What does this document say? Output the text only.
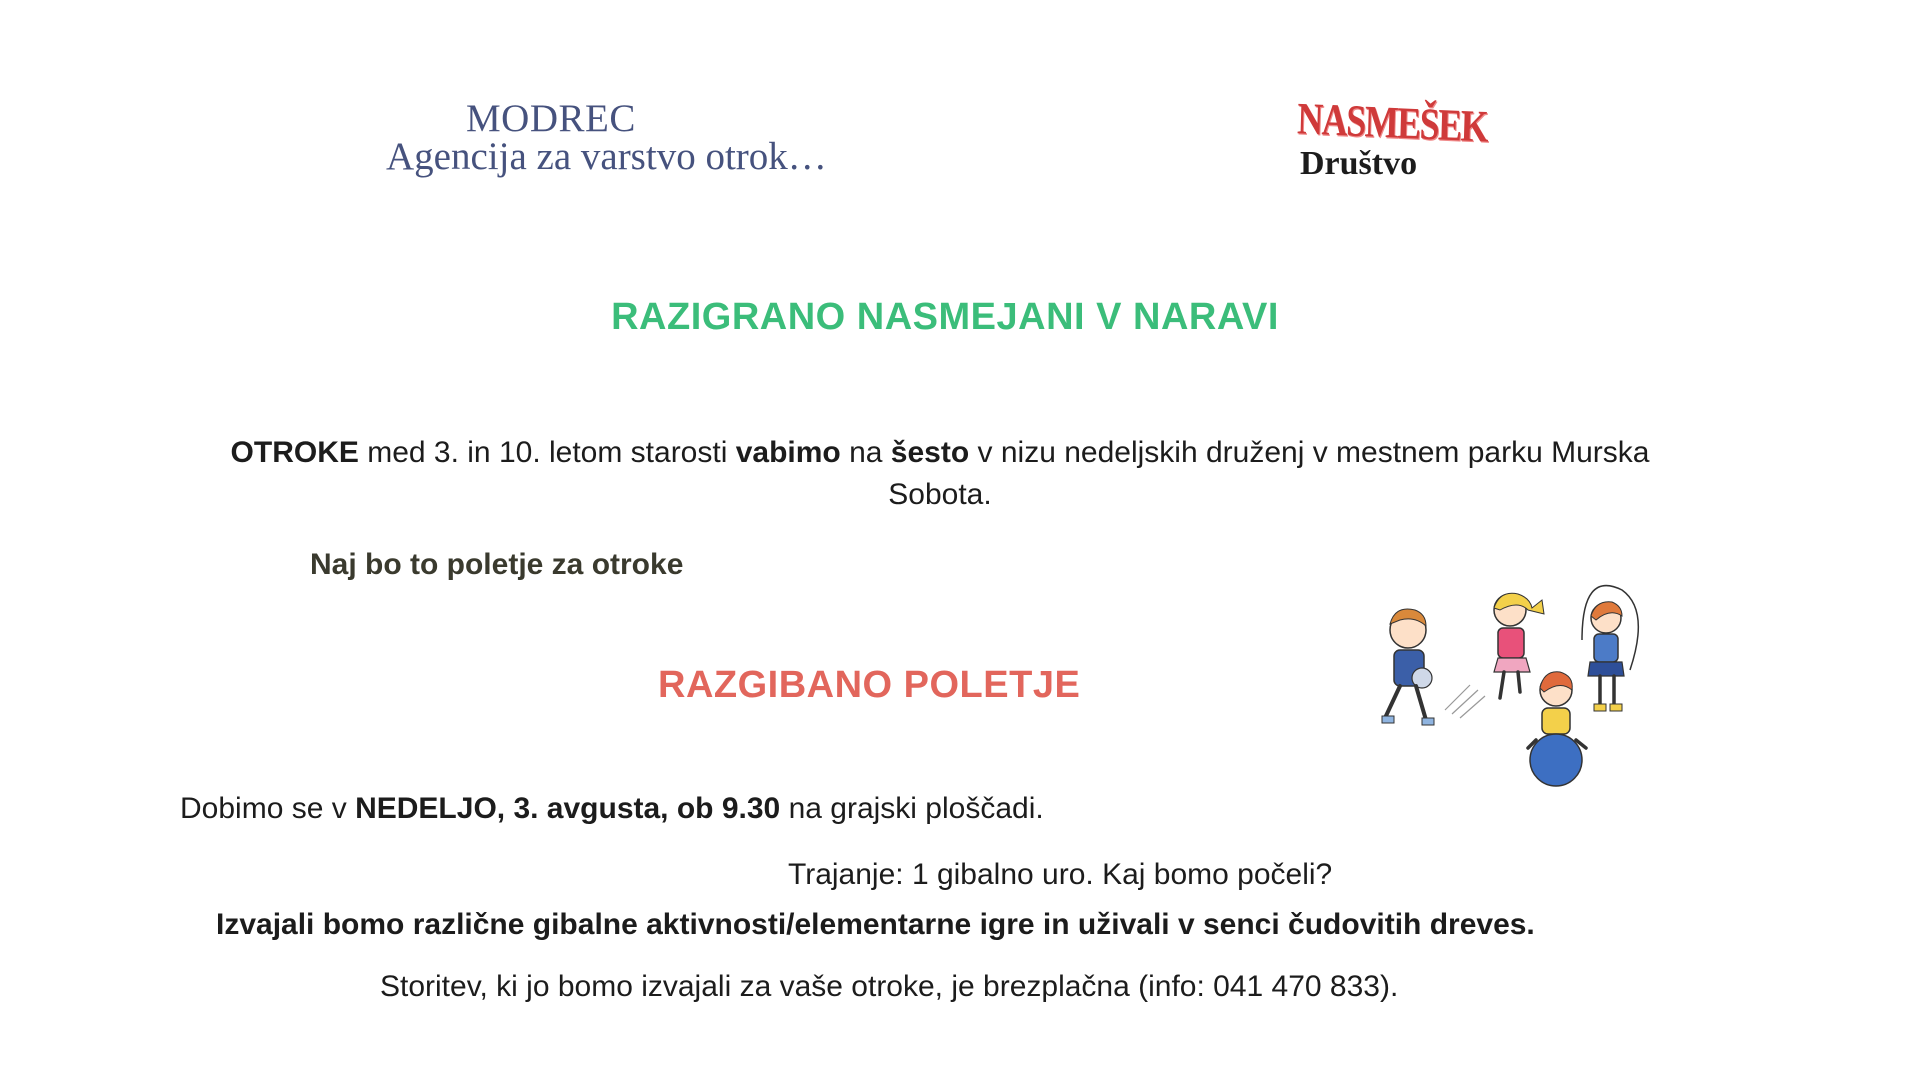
MODREC
Agencija za varstvo otrok…
NASMEŠEK
Društvo
RAZIGRANO NASMEJANI V NARAVI
OTROKE med 3. in 10. letom starosti vabimo na šesto v nizu nedeljskih druženj v mestnem parku Murska Sobota.
Naj bo to poletje za otroke
RAZGIBANO POLETJE
Dobimo se v NEDELJO, 3. avgusta, ob 9.30 na grajski ploščadi.
Trajanje: 1 gibalno uro. Kaj bomo počeli?
Izvajali bomo različne gibalne aktivnosti/elementarne igre in uživali v senci čudovitih dreves.
Storitev, ki jo bomo izvajali za vaše otroke, je brezplačna (info: 041 470 833).
